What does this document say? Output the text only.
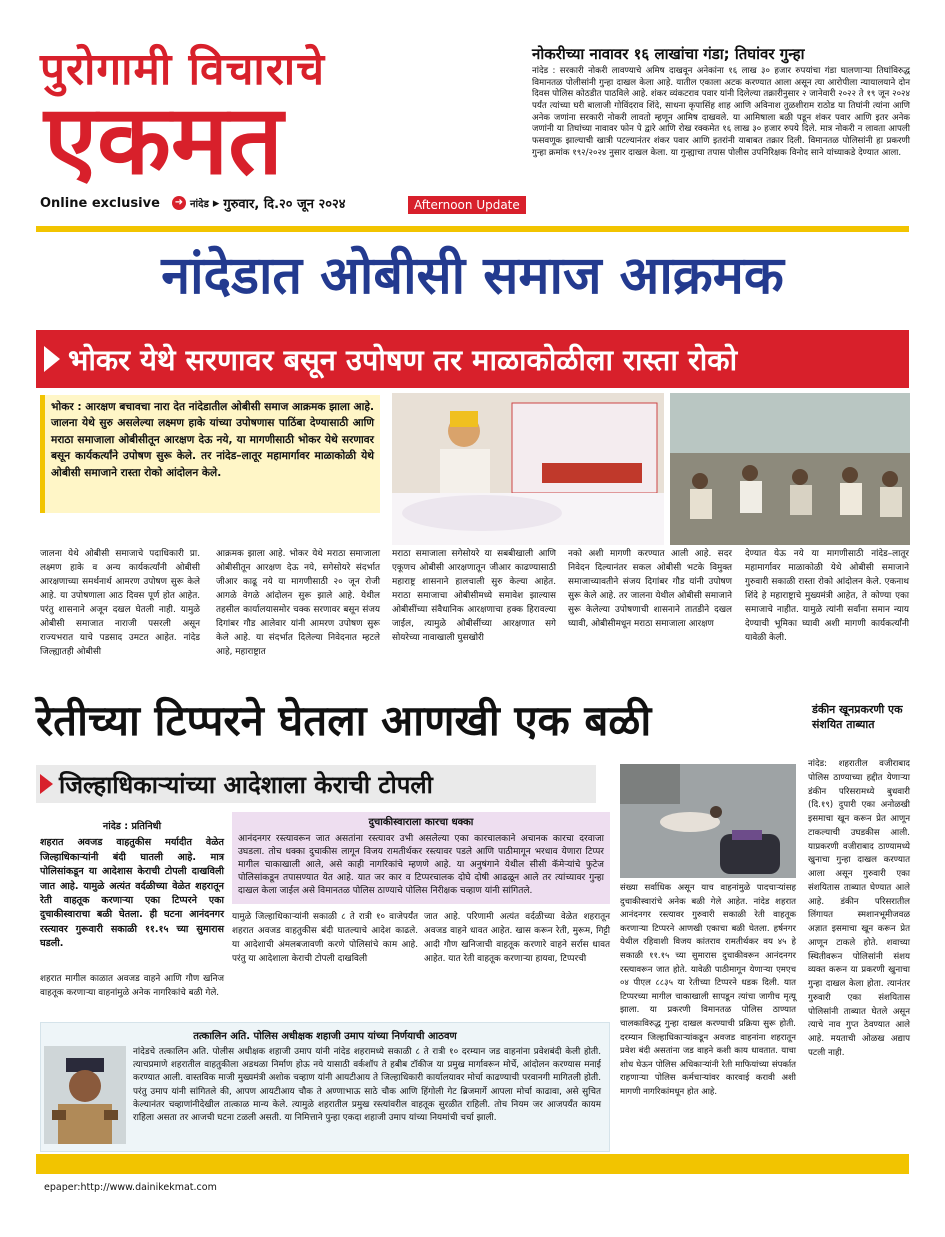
पुरोगामी विचाराचे
एकमत
Online exclusive ➜ नांदेड ▸ गुरुवार, दि.२० जून २०२४	Afternoon Update
नोकरीच्या नावावर १६ लाखांचा गंडा; तिघांवर गुन्हा
नांदेड : सरकारी नोकरी लावण्याचे अमिष दाखवून अनेकांना १६ लाख ३० हजार रुपयांचा गंडा घालणाऱ्या तिघांविरुद्ध विमानतळ पोलीसांनी गुन्हा दाखल केला आहे. यातील एकाला अटक करण्यात आला असून त्या आरोपीला न्यायालयाने दोन दिवस पोलिस कोठडीत पाठविले आहे. शंकर व्यंकटराव पवार यांनी दिलेल्या तक्रारीनुसार २ जानेवारी २०२२ ते १९ जून २०२४ पर्यंत त्यांच्या घरी बालाजी गोविंदराव शिंदे, साधना कृपासिंह शाह आणि अविनाश तुळशीराम राठोड या तिघांनी त्यांना आणि अनेक जणांना सरकारी नोकरी लावतो म्हणून आमिष दाखवले. या आमिषाला बळी पडून शंकर पवार आणि इतर अनेक जणांनी या तिघांच्या नावावर फोन पे द्वारे आणि रोख रक्कमेत १६ लाख ३० हजार रुपये दिले. मात्र नोकरी न लावता आपली फसवणूक झाल्याची खात्री पटल्यानंतर शंकर पवार आणि इतरांनी याबाबत तक्रार दिली. विमानतळ पोलिसांनी हा प्रकरणी गुन्हा क्रमांक १९२/२०२४ नुसार दाखल केला. या गुन्ह्याचा तपास पोलीस उपनिरिक्षक विनोद साने यांच्याकडे देण्यात आला.
नांदेडात ओबीसी समाज आक्रमक
भोकर येथे सरणावर बसून उपोषण तर माळाकोळीला रास्ता रोको
भोकर : आरक्षण बचावचा नारा देत नांदेडातील ओबीसी समाज आक्रमक झाला आहे. जालना येथे सुरु असलेल्या लक्ष्मण हाके यांच्या उपोषणास पाठिंबा देण्यासाठी आणि मराठा समाजाला ओबीसीतून आरक्षण देऊ नये, या मागणीसाठी भोकर येथे सरणावर बसून कार्यकर्त्यांने उपोषण सुरू केले. तर नांदेड–लातूर महामार्गावर माळाकोळी येथे ओबीसी समाजाने रास्ता रोको आंदोलन केले.
जालना येथे ओबीसी समाजाचे पदाधिकारी प्रा. लक्ष्मण हाके व अन्य कार्यकर्त्यांनी ओबीसी आरक्षणाच्या समर्थनार्थ आमरण उपोषण सुरू केले आहे. या उपोषणाला आठ दिवस पूर्ण होत आहेत. परंतु शासनाने अजून दखल घेतली नाही. यामुळे ओबीसी समाजात नाराजी पसरली असून राज्यभरात याचे पडसाद उमटत आहेत. नांदेड जिल्ह्यातही ओबीसी
आक्रमक झाला आहे. भोकर येथे मराठा समाजाला ओबीसीतून आरक्षण देऊ नये, सगेसोयरे संदर्भात जीआर काढू नये या मागणीसाठी २० जून रोजी आगळे वेगळे आंदोलन सुरू झाले आहे. येथील तहसील कार्यालयासमोर चक्क सरणावर बसून संजय दिगांबर गौड आलेवार यांनी आमरण उपोषण सुरू केले आहे. या संदर्भात दिलेल्या निवेदनात म्हटले आहे, महाराष्ट्रात
मराठा समाजाला सगेसोयरे या सबबीखाली आणि एकूणच ओबीसी आरक्षणातून जीआर काढण्यासाठी महाराष्ट्र शासनाने हालचाली सुरु केल्या आहेत. मराठा समाजाचा ओबीसीमध्ये समावेश झाल्यास ओबीसींच्या संवैधानिक आरक्षणाचा हक्क हिरावल्या जाईल, त्यामुळे ओबीसींच्या आरक्षणात सगे सोयरेच्या नावाखाली घुसखोरी
नको अशी मागणी करण्यात आली आहे. सदर निवेदन दिल्यानंतर सकल ओबीसी भटके विमुक्त समाजाच्यावतीने संजय दिगांबर गौड यांनी उपोषण सुरू केले आहे. तर जालना येथील ओबीसी समाजाने सुरू केलेल्या उपोषणाची शासनाने तातडीने दखल घ्यावी, ओबीसीमधून मराठा समाजाला आरक्षण
देण्यात येऊ नये या मागणीसाठी नांदेड–लातूर महामार्गावर माळाकोळी येथे ओबीसी समाजाने गुरुवारी सकाळी रास्ता रोको आंदोलन केले. एकनाथ शिंदे हे महाराष्ट्राचे मुख्यमंत्री आहेत, ते कोण्या एका समाजाचे नाहीत. यामुळे त्यांनी सर्वांना समान न्याय देण्याची भूमिका घ्यावी अशी मागणी कार्यकर्त्यांनी यावेळी केली.
रेतीच्या टिप्परने घेतला आणखी एक बळी	डंकीन खूनप्रकरणी एक संशयित ताब्यात
जिल्हाधिकाऱ्यांच्या आदेशाला केराची टोपली
नांदेड : प्रतिनिधी
शहरात अवजड वाहतुकीस मर्यादीत वेळेत जिल्हाधिकाऱ्यांनी बंदी घातली आहे. मात्र पोलिसांकडून या आदेशास केराची टोपली दाखविली जात आहे. यामुळे अत्यंत वर्दळीच्या वेळेत शहरातून रेती वाहतूक करणाऱ्या एका टिप्परने एका दुचाकीस्वाराचा बळी घेतला. ही घटना आनंदनगर रस्त्यावर गुरूवारी सकाळी ११.१५ च्या सुमारास घडली.
दुचाकीस्वाराला कारचा धक्का
आनंदनगर रस्त्यावरून जात असतांना रस्त्यावर उभी असलेल्या एका कारचालकाने अचानक कारचा दरवाजा उघडला. तोच धक्का दुचाकीस लागून विजय रामतीर्थकर रस्त्यावर पडले आणि पाठीमागून भरधाव येणारा टिप्पर मागील चाकाखाली आले, असे काही नागरिकांचे म्हणणे आहे. या अनुषंगाने येथील सीसी कॅमेऱ्यांचे फुटेज पोलिसांकडून तपासण्यात येत आहे. यात जर कार व टिप्परचालक दोघे दोषी आढळून आले तर त्यांच्यावर गुन्हा दाखल केला जाईल असे विमानतळ पोलिस ठाण्याचे पोलिस निरीक्षक चव्हाण यांनी सांगितले.
शहरात मागील काळात अवजड वाहने आणि गौण खनिज वाहतूक करणाऱ्या वाहनांमुळे अनेक नागरिकांचे बळी गेले.
यामुळे जिल्हाधिकाऱ्यांनी सकाळी ८ ते रात्री १० वाजेपर्यंत शहरात अवजड वाहतुकीस बंदी घातल्याचे आदेश काढले. या आदेशाची अंमलबजावणी करणे पोलिसांचे काम आहे. परंतु या आदेशाला केराची टोपली दाखविली
जात आहे. परिणामी अत्यंत वर्दळीच्या वेळेत शहरातून अवजड वाहने धावत आहेत. खास करून रेती, मुरूम, गिट्टी आदी गौण खनिजाची वाहतूक करणारे वाहने सर्रास धावत आहेत. यात रेती वाहतूक करणाऱ्या हायवा, टिप्परची
संख्या सर्वाधिक असून याच वाहनांमुळे पादचाऱ्यांसह दुचाकीस्वारांचे अनेक बळी गेले आहेत. नांदेड शहरात आनंदनगर रस्त्यावर गुरुवारी सकाळी रेती वाहतूक करणाऱ्या टिप्परने आणखी एकाचा बळी घेतला. हर्षनगर येथील रहिवाशी विजय कांतराव रामतीर्थकर वय ४५ हे सकाळी ११.१५ च्या सुमारास दुचाकीवरून आनंदनगर रस्त्यावरून जात होते. यावेळी पाठीमागून येणाऱ्या एमएच ०४ पीएल ८८३५ या रेतीच्या टिप्परने धडक दिली. यात टिप्परच्या मागील चाकाखाली सापडून त्यांचा जागीच मृत्यू झाला. या प्रकरणी विमानतळ पोलिस ठाण्यात चालकाविरुद्ध गुन्हा दाखल करण्याची प्रक्रिया सुरू होती. दरम्यान जिल्हाधिकाऱ्यांकडून अवजड वाहनांना शहरातून प्रवेश बंदी असतांना जड वाहने कशी काय धावतात. याचा शोध घेऊन पोलिस अधिकाऱ्यांनी रेती माफियांच्या संपर्कात राहणाऱ्या पोलिस कर्मचाऱ्यांवर कारवाई करावी अशी मागणी नागरिकांमधून होत आहे.
नांदेड: शहरातील वजीराबाद पोलिस ठाण्याच्या हद्दीत येणाऱ्या डंकीन परिसरामध्ये बुधवारी (दि.१९) दुपारी एका अनोळखी इसमाचा खून करून प्रेत आणून टाकल्याची उघडकीस आली. याप्रकरणी वजीराबाद ठाण्यामध्ये खुनाचा गुन्हा दाखल करण्यात आला असून गुरुवारी एका संशयितास ताब्यात घेण्यात आले आहे. डंकीन परिसरातील लिंगायत स्मशानभूमीजवळ अज्ञात इसमाचा खून करून प्रेत आणून टाकले होते. शवाच्या स्थितीवरून पोलिसांनी संशय व्यक्त करून या प्रकरणी खुनाचा गुन्हा दाखल केला होता. त्यानंतर गुरुवारी एका संशयितास पोलिसांनी ताब्यात घेतले असून त्याचे नाव गुप्त ठेवण्यात आले आहे. मयताची ओळख अद्याप पटली नाही.
तत्कालिन अति. पोलिस अधीक्षक शहाजी उमाप यांच्या निर्णयाची आठवण
नांदेडचे तत्कालिन अति. पोलीस अधीक्षक शहाजी उमाप यांनी नांदेड शहरामध्ये सकाळी ८ ते रात्री १० दरम्यान जड वाहनांना प्रवेशबंदी केली होती. त्याचप्रमाणे शहरातील वाहतुकीला अडथळा निर्माण होऊ नये यासाठी वर्कशॉप ते हबीब टॉकीज या प्रमुख मार्गावरून मोर्चे, आंदोलन करण्यास मनाई करण्यात आली. वास्तविक माजी मुख्यमंत्री अशोक चव्हाण यांनी आयटीआय ते जिल्हाधिकारी कार्यालयावर मोर्चा काढण्याची परवानगी मागितली होती. परंतु उमाप यांनी सांगितले की, आपण आयटीआय चौक ते अण्णाभाऊ साठे चौक आणि हिंगोली गेट ब्रिजमार्गे आपला मोर्चा काढावा, असे सुचित केल्यानंतर चव्हाणांनीदेखील तात्काळ मान्य केले. त्यामुळे शहरातील प्रमुख रस्त्यांवरील वाहतूक सुरळीत राहिली. तोच नियम जर आजपर्यंत कायम राहिला असता तर आजची घटना टळली असती. या निमित्ताने पुन्हा एकदा शहाजी उमाप यांच्या नियमांची चर्चा झाली.
epaper:http://www.dainikekmat.com
